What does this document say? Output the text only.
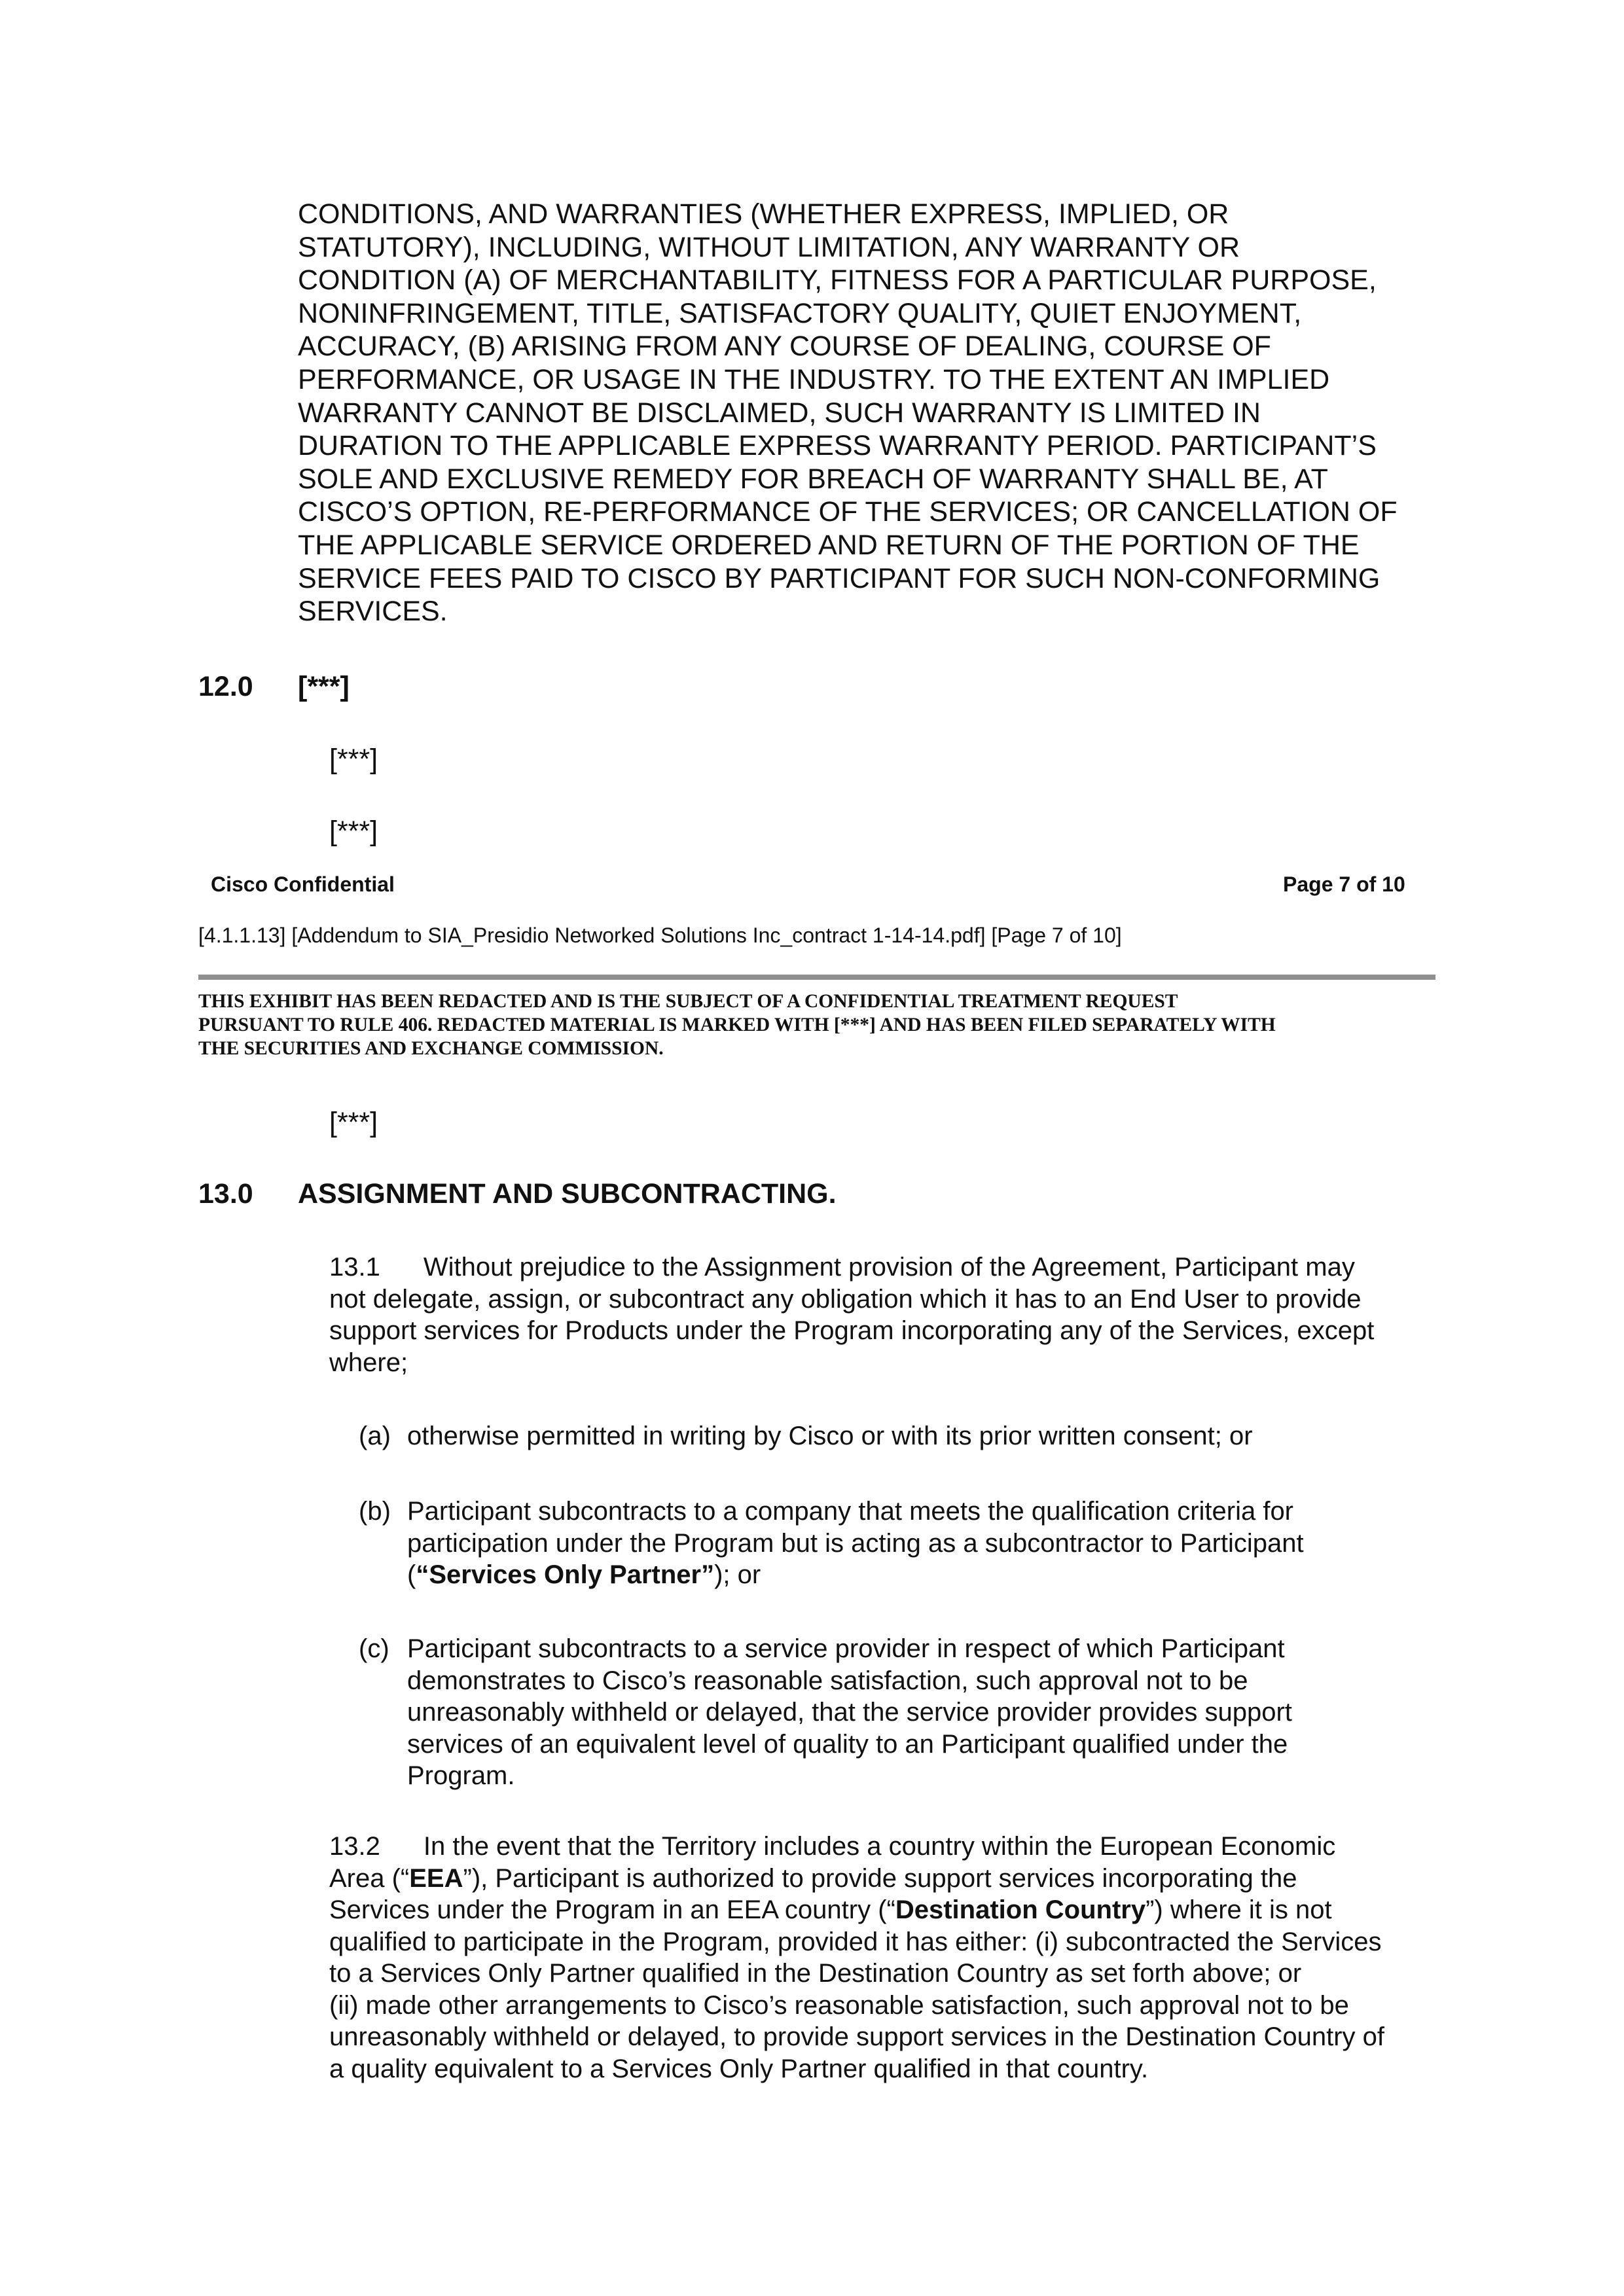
CONDITIONS, AND WARRANTIES (WHETHER EXPRESS, IMPLIED, OR
STATUTORY), INCLUDING, WITHOUT LIMITATION, ANY WARRANTY OR
CONDITION (A) OF MERCHANTABILITY, FITNESS FOR A PARTICULAR PURPOSE,
NONINFRINGEMENT, TITLE, SATISFACTORY QUALITY, QUIET ENJOYMENT,
ACCURACY, (B) ARISING FROM ANY COURSE OF DEALING, COURSE OF
PERFORMANCE, OR USAGE IN THE INDUSTRY. TO THE EXTENT AN IMPLIED
WARRANTY CANNOT BE DISCLAIMED, SUCH WARRANTY IS LIMITED IN
DURATION TO THE APPLICABLE EXPRESS WARRANTY PERIOD. PARTICIPANT’S
SOLE AND EXCLUSIVE REMEDY FOR BREACH OF WARRANTY SHALL BE, AT
CISCO’S OPTION, RE-PERFORMANCE OF THE SERVICES; OR CANCELLATION OF
THE APPLICABLE SERVICE ORDERED AND RETURN OF THE PORTION OF THE
SERVICE FEES PAID TO CISCO BY PARTICIPANT FOR SUCH NON-CONFORMING
SERVICES.
12.0 [***]
[***]
[***]
Cisco Confidential	Page 7 of 10
[4.1.1.13] [Addendum to SIA_Presidio Networked Solutions Inc_contract 1-14-14.pdf] [Page 7 of 10]
THIS EXHIBIT HAS BEEN REDACTED AND IS THE SUBJECT OF A CONFIDENTIAL TREATMENT REQUEST
PURSUANT TO RULE 406. REDACTED MATERIAL IS MARKED WITH [***] AND HAS BEEN FILED SEPARATELY WITH
THE SECURITIES AND EXCHANGE COMMISSION.
[***]
13.0 ASSIGNMENT AND SUBCONTRACTING.
13.1 Without prejudice to the Assignment provision of the Agreement, Participant may
not delegate, assign, or subcontract any obligation which it has to an End User to provide
support services for Products under the Program incorporating any of the Services, except
where;
(a) otherwise permitted in writing by Cisco or with its prior written consent; or
(b) Participant subcontracts to a company that meets the qualification criteria for
participation under the Program but is acting as a subcontractor to Participant
(“Services Only Partner”); or
(c) Participant subcontracts to a service provider in respect of which Participant
demonstrates to Cisco’s reasonable satisfaction, such approval not to be
unreasonably withheld or delayed, that the service provider provides support
services of an equivalent level of quality to an Participant qualified under the
Program.
13.2 In the event that the Territory includes a country within the European Economic
Area (“EEA”), Participant is authorized to provide support services incorporating the
Services under the Program in an EEA country (“Destination Country”) where it is not
qualified to participate in the Program, provided it has either: (i) subcontracted the Services
to a Services Only Partner qualified in the Destination Country as set forth above; or
(ii) made other arrangements to Cisco’s reasonable satisfaction, such approval not to be
unreasonably withheld or delayed, to provide support services in the Destination Country of
a quality equivalent to a Services Only Partner qualified in that country.
